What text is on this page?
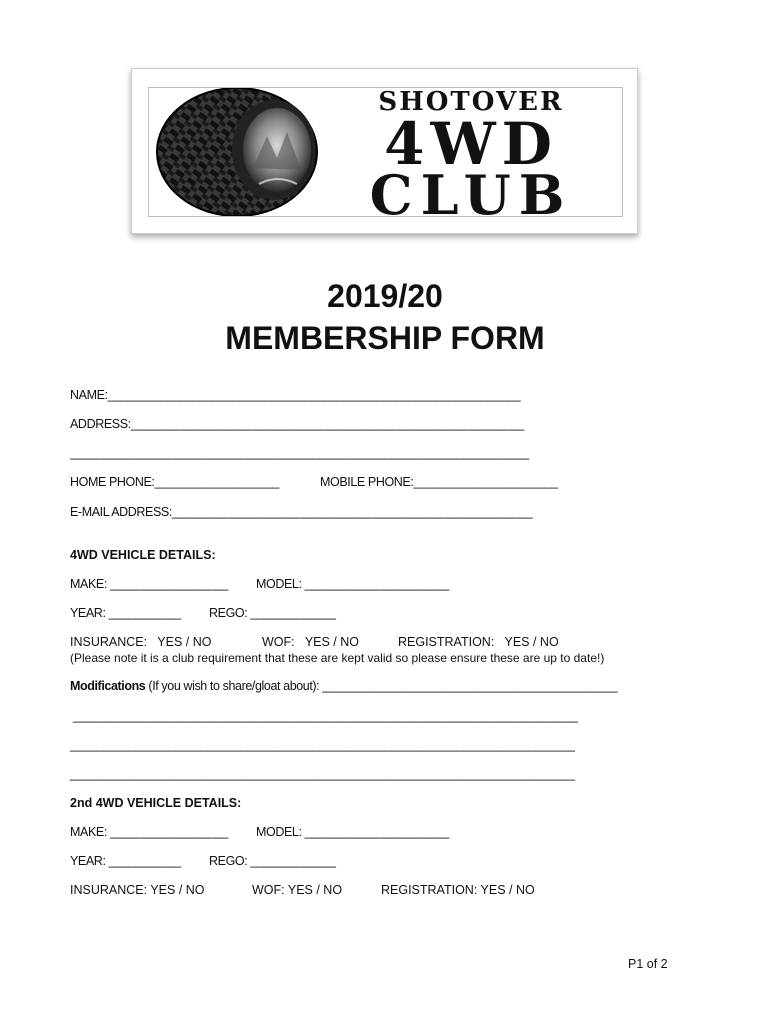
SHOTOVER
4WD
CLUB
2019/20
MEMBERSHIP FORM
NAME:_______________________________________________________________
ADDRESS:____________________________________________________________
______________________________________________________________________
HOME PHONE:___________________	MOBILE PHONE:______________________
E-MAIL ADDRESS:_______________________________________________________
4WD VEHICLE DETAILS:
MAKE: __________________ MODEL: ______________________
YEAR: ___________ REGO: _____________
INSURANCE:   YES / NO	WOF:   YES / NO	REGISTRATION:   YES / NO
(Please note it is a club requirement that these are kept valid so please ensure these are up to date!)
Modifications (If you wish to share/gloat about): _____________________________________________
_____________________________________________________________________________
_____________________________________________________________________________
_____________________________________________________________________________
2nd 4WD VEHICLE DETAILS:
MAKE: __________________ MODEL: ______________________
YEAR: ___________ REGO: _____________
INSURANCE: YES / NO	WOF: YES / NO	REGISTRATION: YES / NO
P1 of 2
